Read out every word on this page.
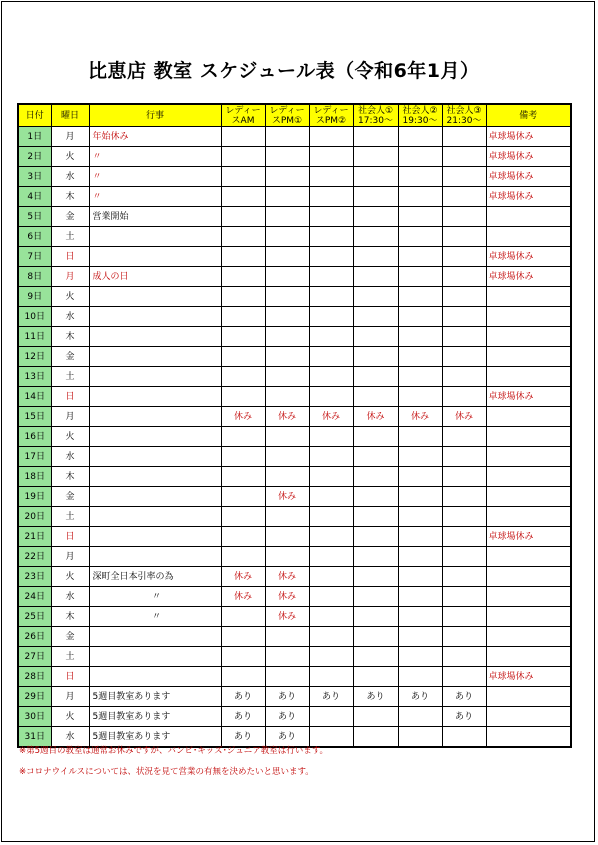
比恵店 教室 スケジュール表（令和6年1月）
日付	曜日	行事	レディースAM	レディースPM①	レディースPM②	社会人① 17:30～	社会人② 19:30～	社会人③ 21:30～	備考
1日	月	年始休み							卓球場休み
2日	火	〃							卓球場休み
3日	水	〃							卓球場休み
4日	木	〃							卓球場休み
5日	金	営業開始							
6日	土								
7日	日								卓球場休み
8日	月	成人の日							卓球場休み
9日	火								
10日	水								
11日	木								
12日	金								
13日	土								
14日	日								卓球場休み
15日	月		休み	休み	休み	休み	休み	休み	
16日	火								
17日	水								
18日	木								
19日	金			休み					
20日	土								
21日	日								卓球場休み
22日	月								
23日	火	深町全日本引率の為	休み	休み					
24日	水	〃	休み	休み					
25日	木	〃		休み					
26日	金								
27日	土								
28日	日								卓球場休み
29日	月	5週目教室あります	あり	あり	あり	あり	あり	あり	
30日	火	5週目教室あります	あり	あり				あり	
31日	水	5週目教室あります	あり	あり					
※第5週目の教室は通常お休みですが、バンビ･キッズ･ジュニア教室は行います。
※コロナウイルスについては、状況を見て営業の有無を決めたいと思います。
